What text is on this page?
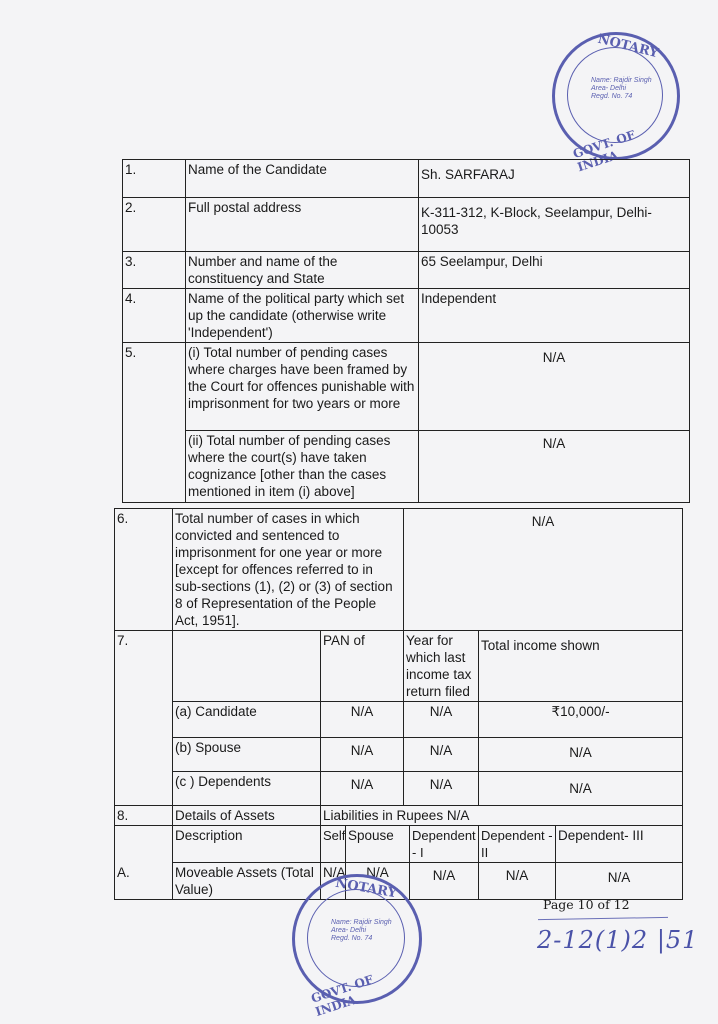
NOTARY
Name: Rajdir Singh
Area- Delhi
Regd. No. 74
GOVT. OF INDIA
1.	Name of the Candidate	Sh. SARFARAJ
2.	Full postal address	K-311-312, K-Block, Seelampur, Delhi-10053
3.	Number and name of the constituency and State	65 Seelampur, Delhi
4.	Name of the political party which set up the candidate (otherwise write 'Independent')	Independent
5.	(i) Total number of pending cases where charges have been framed by the Court for offences punishable with imprisonment for two years or more	N/A
	(ii) Total number of pending cases where the court(s) have taken cognizance [other than the cases mentioned in item (i) above]	N/A
6.	Total number of cases in which convicted and sentenced to imprisonment for one year or more [except for offences referred to in sub-sections (1), (2) or (3) of section 8 of Representation of the People Act, 1951].			N/A			
7.		PAN of		Year for which last income tax return filed		Total income shown	
	(a) Candidate	N/A		N/A		₹10,000/-	
	(b) Spouse	N/A		N/A		N/A	
	(c ) Dependents	N/A		N/A		N/A	
8.	Details of Assets	Liabilities in Rupees N/A					
	Description	Self	Spouse		Dependent - I	Dependent - II	Dependent- III
A.	Moveable Assets (Total Value)	N/A	N/A		N/A	N/A	N/A
NOTARY
Name: Rajdir Singh
Area- Delhi
Regd. No. 74
GOVT. OF INDIA
Page 10 of 12
2-12(1)2 |51
